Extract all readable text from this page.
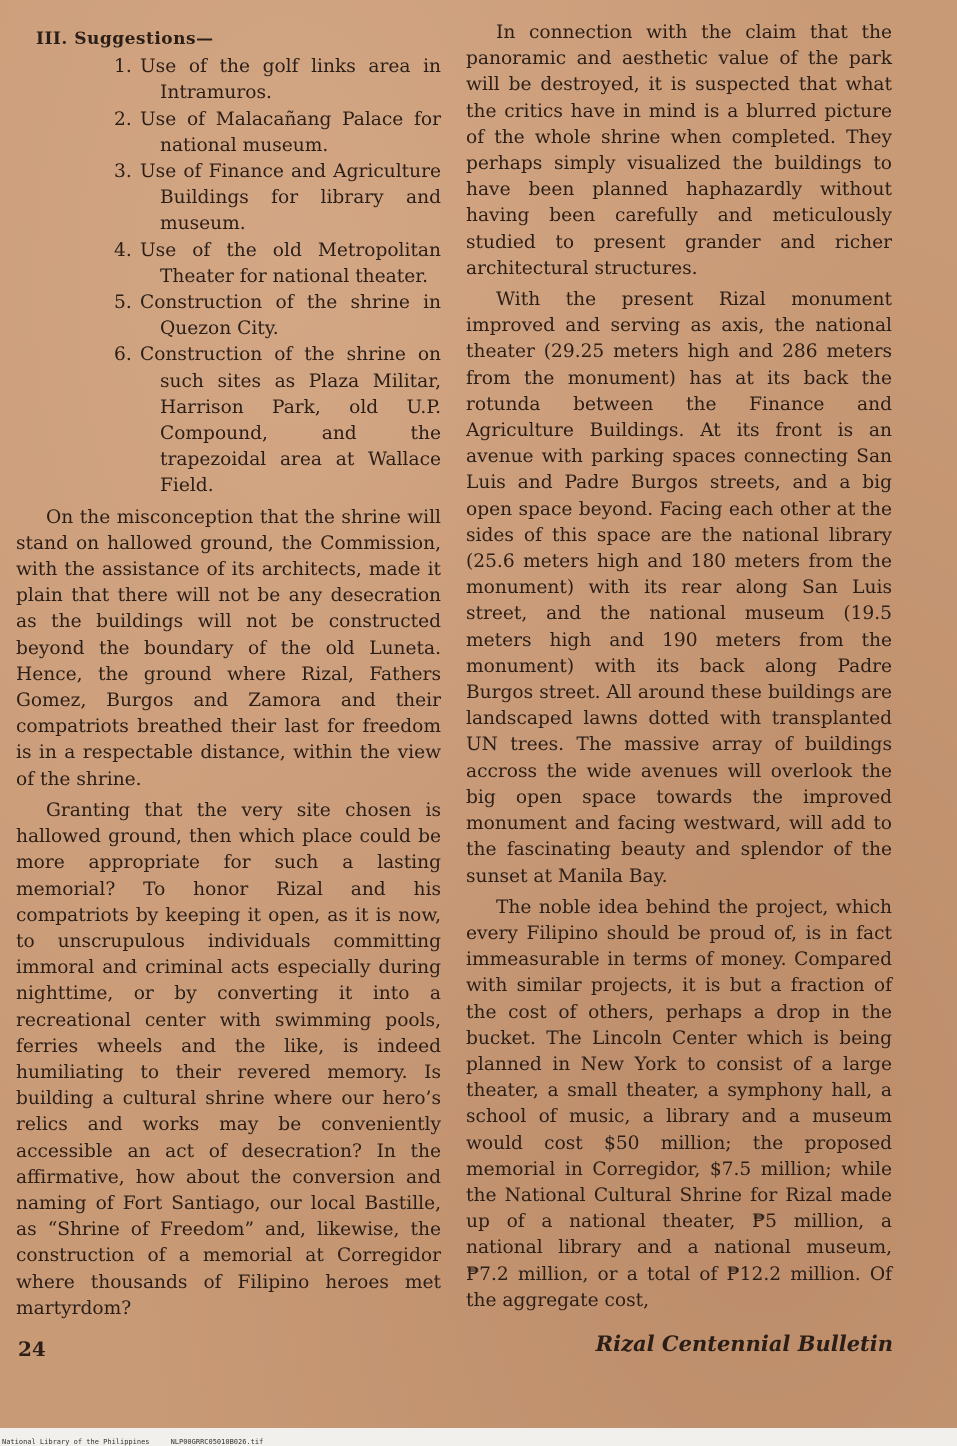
III. Suggestions—
1. Use of the golf links area in Intramuros.
2. Use of Malacañang Palace for national museum.
3. Use of Finance and Agriculture Buildings for library and museum.
4. Use of the old Metropolitan Theater for national theater.
5. Construction of the shrine in Quezon City.
6. Construction of the shrine on such sites as Plaza Militar, Harrison Park, old U.P. Compound, and the trapezoidal area at Wallace Field.

On the misconception that the shrine will stand on hallowed ground, the Commission, with the assistance of its architects, made it plain that there will not be any desecration as the buildings will not be constructed beyond the boundary of the old Luneta. Hence, the ground where Rizal, Fathers Gomez, Burgos and Zamora and their compatriots breathed their last for freedom is in a respectable distance, within the view of the shrine.

Granting that the very site chosen is hallowed ground, then which place could be more appropriate for such a lasting memorial? To honor Rizal and his compatriots by keeping it open, as it is now, to unscrupulous individuals committing immoral and criminal acts especially during nighttime, or by converting it into a recreational center with swimming pools, ferries wheels and the like, is indeed humiliating to their revered memory. Is building a cultural shrine where our hero’s relics and works may be conveniently accessible an act of desecration? In the affirmative, how about the conversion and naming of Fort Santiago, our local Bastille, as “Shrine of Freedom” and, likewise, the construction of a memorial at Corregidor where thousands of Filipino heroes met martyrdom?

In connection with the claim that the panoramic and aesthetic value of the park will be destroyed, it is suspected that what the critics have in mind is a blurred picture of the whole shrine when completed. They perhaps simply visualized the buildings to have been planned haphazardly without having been carefully and meticulously studied to present grander and richer architectural structures.

With the present Rizal monument improved and serving as axis, the national theater (29.25 meters high and 286 meters from the monument) has at its back the rotunda between the Finance and Agriculture Buildings. At its front is an avenue with parking spaces connecting San Luis and Padre Burgos streets, and a big open space beyond. Facing each other at the sides of this space are the national library (25.6 meters high and 180 meters from the monument) with its rear along San Luis street, and the national museum (19.5 meters high and 190 meters from the monument) with its back along Padre Burgos street. All around these buildings are landscaped lawns dotted with transplanted UN trees. The massive array of buildings accross the wide avenues will overlook the big open space towards the improved monument and facing westward, will add to the fascinating beauty and splendor of the sunset at Manila Bay.

The noble idea behind the project, which every Filipino should be proud of, is in fact immeasurable in terms of money. Compared with similar projects, it is but a fraction of the cost of others, perhaps a drop in the bucket. The Lincoln Center which is being planned in New York to consist of a large theater, a small theater, a symphony hall, a school of music, a library and a museum would cost $50 million; the proposed memorial in Corregidor, $7.5 million; while the National Cultural Shrine for Rizal made up of a national theater, ₱5 million, a national library and a national museum, ₱7.2 million, or a total of ₱12.2 million. Of the aggregate cost,

24	Rizal Centennial Bulletin
National Library of the Philippines     NLP00GRRC05010B026.tif
